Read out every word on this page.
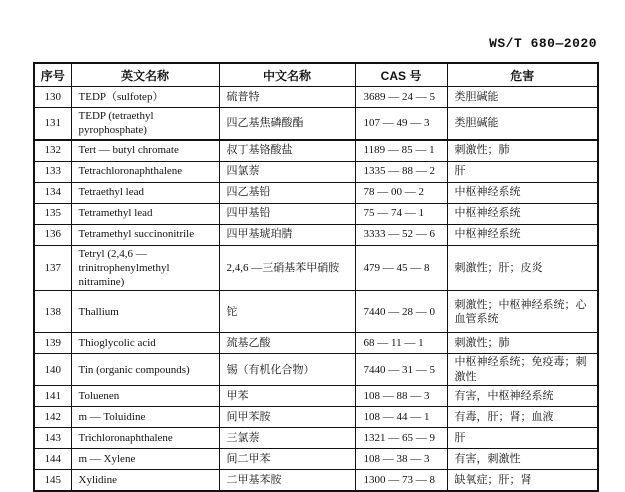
WS/T 680—2020
序号	英文名称	中文名称	CAS 号	危害
130	TEDP（sulfotep）	硫普特	3689 — 24 — 5	类胆碱能
131	TEDP (tetraethyl pyrophosphate)	四乙基焦磷酸酯	107 — 49 — 3	类胆碱能
132	Tert — butyl chromate	叔丁基铬酸盐	1189 — 85 — 1	刺激性；肺
133	Tetrachloronaphthalene	四氯萘	1335 — 88 — 2	肝
134	Tetraethyl lead	四乙基铅	78 — 00 — 2	中枢神经系统
135	Tetramethyl lead	四甲基铅	75 — 74 — 1	中枢神经系统
136	Tetramethyl succinonitrile	四甲基琥珀腈	3333 — 52 — 6	中枢神经系统
137	Tetryl (2,4,6 — trinitrophenylmethyl nitramine)	2,4,6 —三硝基苯甲硝胺	479 — 45 — 8	刺激性；肝；皮炎
138	Thallium	铊	7440 — 28 — 0	刺激性；中枢神经系统；心血管系统
139	Thioglycolic acid	巯基乙酸	68 — 11 — 1	刺激性；肺
140	Tin (organic compounds)	锡（有机化合物）	7440 — 31 — 5	中枢神经系统；免疫毒；刺激性
141	Toluenen	甲苯	108 — 88 — 3	有害，中枢神经系统
142	m — Toluidine	间甲苯胺	108 — 44 — 1	有毒，肝；肾；血液
143	Trichloronaphthalene	三氯萘	1321 — 65 — 9	肝
144	m — Xylene	间二甲苯	108 — 38 — 3	有害，刺激性
145	Xylidine	二甲基苯胺	1300 — 73 — 8	缺氧症；肝；肾
